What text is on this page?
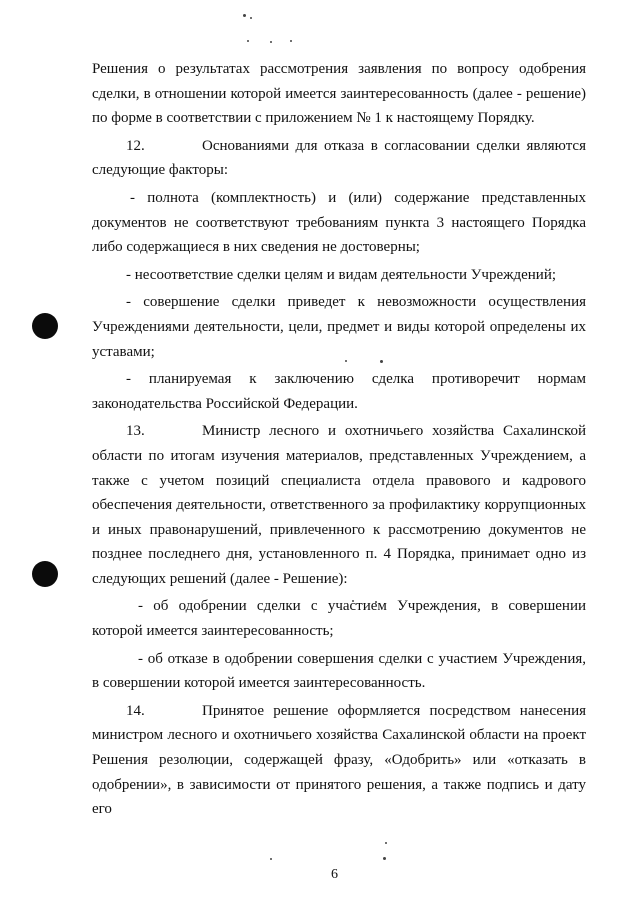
Решения о результатах рассмотрения заявления по вопросу одобрения сделки, в отношении которой имеется заинтересованность (далее - решение) по форме в соответствии с приложением № 1 к настоящему Порядку.

12.	Основаниями для отказа в согласовании сделки являются следующие факторы:

- полнота (комплектность) и (или) содержание представленных документов не соответствуют требованиям пункта 3 настоящего Порядка либо содержащиеся в них сведения не достоверны;

- несоответствие сделки целям и видам деятельности Учреждений;

- совершение сделки приведет к невозможности осуществления Учреждениями деятельности, цели, предмет и виды которой определены их уставами;

- планируемая к заключению сделка противоречит нормам законодательства Российской Федерации.

13.	Министр лесного и охотничьего хозяйства Сахалинской области по итогам изучения материалов, представленных Учреждением, а также с учетом позиций специалиста отдела правового и кадрового обеспечения деятельности, ответственного за профилактику коррупционных и иных правонарушений, привлеченного к рассмотрению документов не позднее последнего дня, установленного п. 4 Порядка, принимает одно из следующих решений (далее - Решение):

- об одобрении сделки с участием Учреждения, в совершении которой имеется заинтересованность;

- об отказе в одобрении совершения сделки с участием Учреждения, в совершении которой имеется заинтересованность.

14.	Принятое решение оформляется посредством нанесения министром лесного и охотничьего хозяйства Сахалинской области на проект Решения резолюции, содержащей фразу, «Одобрить» или «отказать в одобрении», в зависимости от принятого решения, а также подпись и дату его

6
